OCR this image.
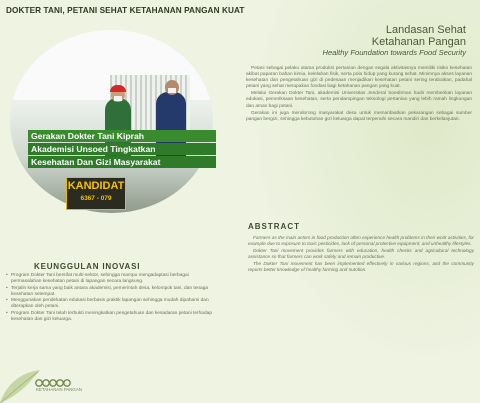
DOKTER TANI, PETANI SEHAT KETAHANAN PANGAN KUAT
Gerakan Dokter Tani Kiprah
Akademisi Unsoed Tingkatkan
Kesehatan Dan Gizi Masyarakat
KANDIDAT
6367 - 079
Landasan Sehat
Ketahanan Pangan
Healthy Foundation towards Food Security

Petani sebagai pelaku utama produksi pertanian dengan segala aktivitasnya memiliki risiko kesehatan akibat paparan bahan kimia, kelelahan fisik, serta pola hidup yang kurang sehat. Minimnya akses layanan kesehatan dan pengetahuan gizi di pedesaan menjadikan kesehatan petani sering terabaikan, padahal petani yang sehat merupakan fondasi bagi ketahanan pangan yang kuat.

Melalui Gerakan Dokter Tani, akademisi Universitas Jenderal Soedirman hadir memberikan layanan edukasi, pemeriksaan kesehatan, serta pendampingan teknologi pertanian yang lebih ramah lingkungan dan aman bagi petani.

Gerakan ini juga mendorong masyarakat desa untuk memanfaatkan pekarangan sebagai sumber pangan bergizi, sehingga kebutuhan gizi keluarga dapat terpenuhi secara mandiri dan berkelanjutan.

ABSTRACT

Farmers as the main actors in food production often experience health problems in their work activities, for example due to exposure to toxic pesticides, lack of personal protective equipment, and unhealthy lifestyles.

Dokter Tani movement provides farmers with education, health checks and agricultural technology assistance so that farmers can work safely and remain productive.

The Dokter Tani movement has been implemented effectively in various regions, and the community reports better knowledge of healthy farming and nutrition.

KEUNGGULAN INOVASI
• Program Dokter Tani bersifat multi-sektor, sehingga mampu mengadaptasi berbagai permasalahan kesehatan petani di lapangan secara langsung.
• Terjalin kerja sama yang baik antara akademisi, pemerintah desa, kelompok tani, dan tenaga kesehatan setempat.
• Menggunakan pendekatan edukasi berbasis praktik lapangan sehingga mudah dipahami dan diterapkan oleh petani.
• Program Dokter Tani telah terbukti meningkatkan pengetahuan dan kesadaran petani terhadap kesehatan dan gizi keluarga.
KETAHANAN PANGAN
